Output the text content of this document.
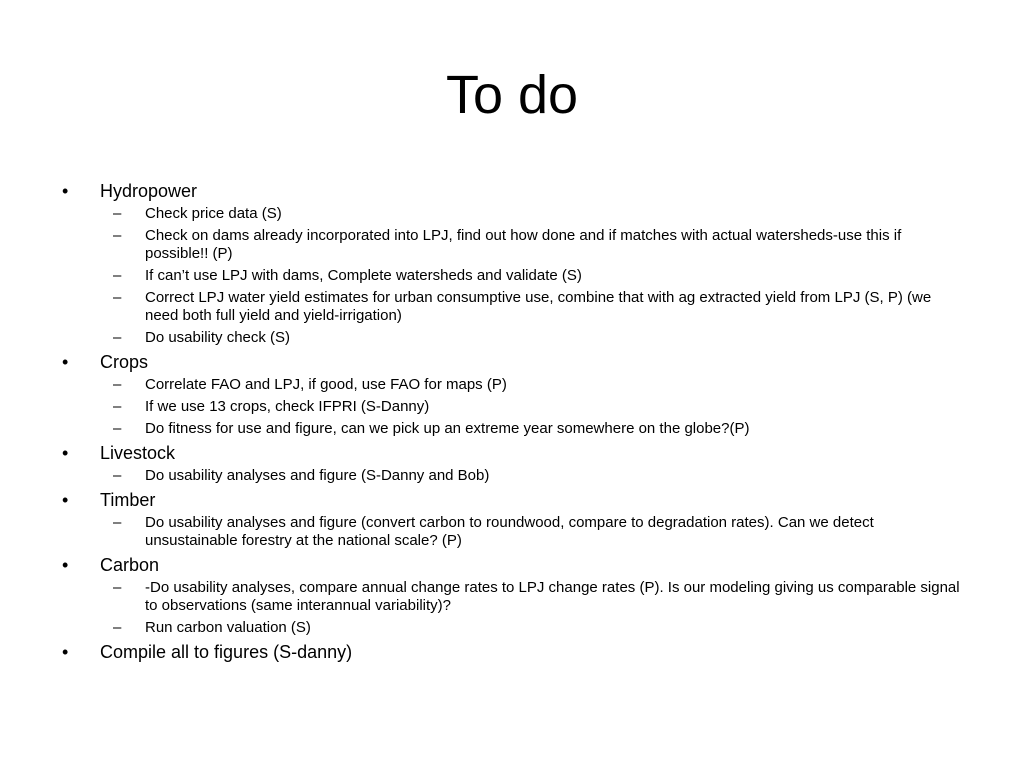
To do
•	Hydropower
–	Check price data (S)
–	Check on dams already incorporated into LPJ, find out how done and if matches with actual watersheds-use this if possible!! (P)
–	If can’t use LPJ with dams, Complete watersheds and validate (S)
–	Correct LPJ water yield estimates for urban consumptive use, combine that with ag extracted yield from LPJ (S, P) (we need both full yield and yield-irrigation)
–	Do usability check (S)
•	Crops
–	Correlate FAO and LPJ, if good, use FAO for maps (P)
–	If we use 13 crops, check IFPRI (S-Danny)
–	Do fitness for use and figure, can we pick up an extreme year somewhere on the globe?(P)
•	Livestock
–	Do usability analyses and figure (S-Danny and Bob)
•	Timber
–	Do usability analyses and figure (convert carbon to roundwood, compare to degradation rates). Can we detect unsustainable forestry at the national scale? (P)
•	Carbon
–	-Do usability analyses, compare annual change rates to LPJ change rates (P). Is our modeling giving us comparable signal to observations (same interannual variability)?
–	Run carbon valuation (S)
•	Compile all to figures (S-danny)
